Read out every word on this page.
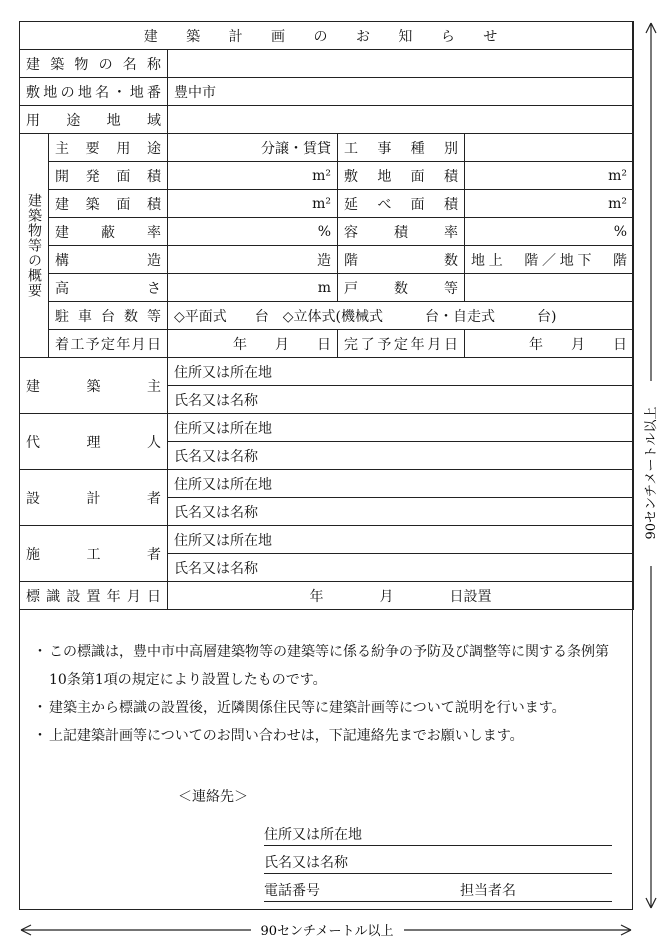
建 築 計 画 の お 知 ら せ				
建築物の名称				
敷地の地名・地番		豊中市		
用途地域				
建築物等の概要	主要用途	分譲・賃貸	工事種別	
	開発面積	m²	敷地面積	m²
	建築面積	m²	延べ面積	m²
	建蔽率	%	容積率	%
	構造	造	階数	地上　階／地下　階
	高さ	m	戸数等	
	駐車台数等	◇平面式　　台　◇立体式(機械式　　　台・自走式　　　台)		
	着工予定年月日	年　　月　　日	完了予定年月日	年　　月　　日
建 築 主		住所又は所在地		
		氏名又は名称		
代 理 人		住所又は所在地		
		氏名又は名称		
設 計 者		住所又は所在地		
		氏名又は名称		
施 工 者		住所又は所在地		
		氏名又は名称		
標識設置年月日		年　　　　月　　　　日設置		
・ この標識は，豊中市中高層建築物等の建築等に係る紛争の予防及び調整等に関する条例第10条第1項の規定により設置したものです。
・ 建築主から標識の設置後，近隣関係住民等に建築計画等について説明を行います。
・ 上記建築計画等についてのお問い合わせは，下記連絡先までお願いします。
＜連絡先＞
住所又は所在地
氏名又は名称
電話番号	担当者名
90センチメートル以上
90センチメートル以上
